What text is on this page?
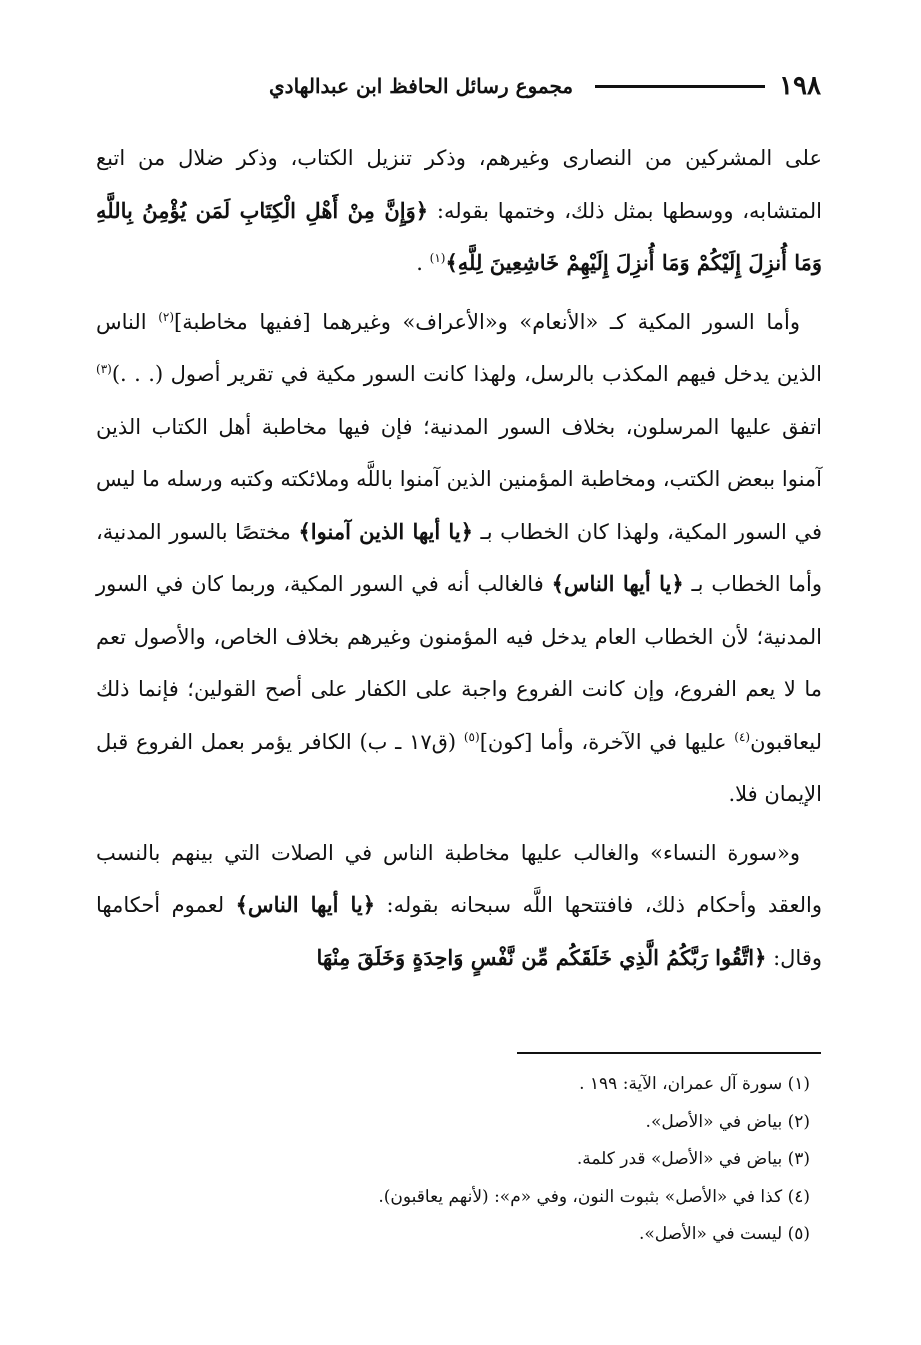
١٩٨
مجموع رسائل الحافظ ابن عبدالهادي

على المشركين من النصارى وغيرهم، وذكر تنزيل الكتاب، وذكر ضلال من اتبع المتشابه، ووسطها بمثل ذلك، وختمها بقوله: ﴿وَإِنَّ مِنْ أَهْلِ الْكِتَابِ لَمَن يُؤْمِنُ بِاللَّهِ وَمَا أُنزِلَ إِلَيْكُمْ وَمَا أُنزِلَ إِلَيْهِمْ خَاشِعِينَ لِلَّهِ﴾$^{(١)}$ .

وأما السور المكية كـ «الأنعام» و«الأعراف» وغيرهما [ففيها مخاطبة]$^{(٢)}$ الناس الذين يدخل فيهم المكذب بالرسل، ولهذا كانت السور مكية في تقرير أصول (. . .)$^{(٣)}$ اتفق عليها المرسلون، بخلاف السور المدنية؛ فإن فيها مخاطبة أهل الكتاب الذين آمنوا ببعض الكتب، ومخاطبة المؤمنين الذين آمنوا باللَّه وملائكته وكتبه ورسله ما ليس في السور المكية، ولهذا كان الخطاب بـ ﴿يا أيها الذين آمنوا﴾ مختصًا بالسور المدنية، وأما الخطاب بـ ﴿يا أيها الناس﴾ فالغالب أنه في السور المكية، وربما كان في السور المدنية؛ لأن الخطاب العام يدخل فيه المؤمنون وغيرهم بخلاف الخاص، والأصول تعم ما لا يعم الفروع، وإن كانت الفروع واجبة على الكفار على أصح القولين؛ فإنما ذلك ليعاقبون$^{(٤)}$ عليها في الآخرة، وأما [كون]$^{(٥)}$ (ق١٧ ـ ب) الكافر يؤمر بعمل الفروع قبل الإيمان فلا.

و«سورة النساء» والغالب عليها مخاطبة الناس في الصلات التي بينهم بالنسب والعقد وأحكام ذلك، فافتتحها اللَّه سبحانه بقوله: ﴿يا أيها الناس﴾ لعموم أحكامها وقال: ﴿اتَّقُوا رَبَّكُمُ الَّذِي خَلَقَكُم مِّن نَّفْسٍ وَاحِدَةٍ وَخَلَقَ مِنْهَا

(١) سورة آل عمران، الآية: ١٩٩ .

(٢) بياض في «الأصل».

(٣) بياض في «الأصل» قدر كلمة.

(٤) كذا في «الأصل» بثبوت النون، وفي «م»: (لأنهم يعاقبون).

(٥) ليست في «الأصل».
